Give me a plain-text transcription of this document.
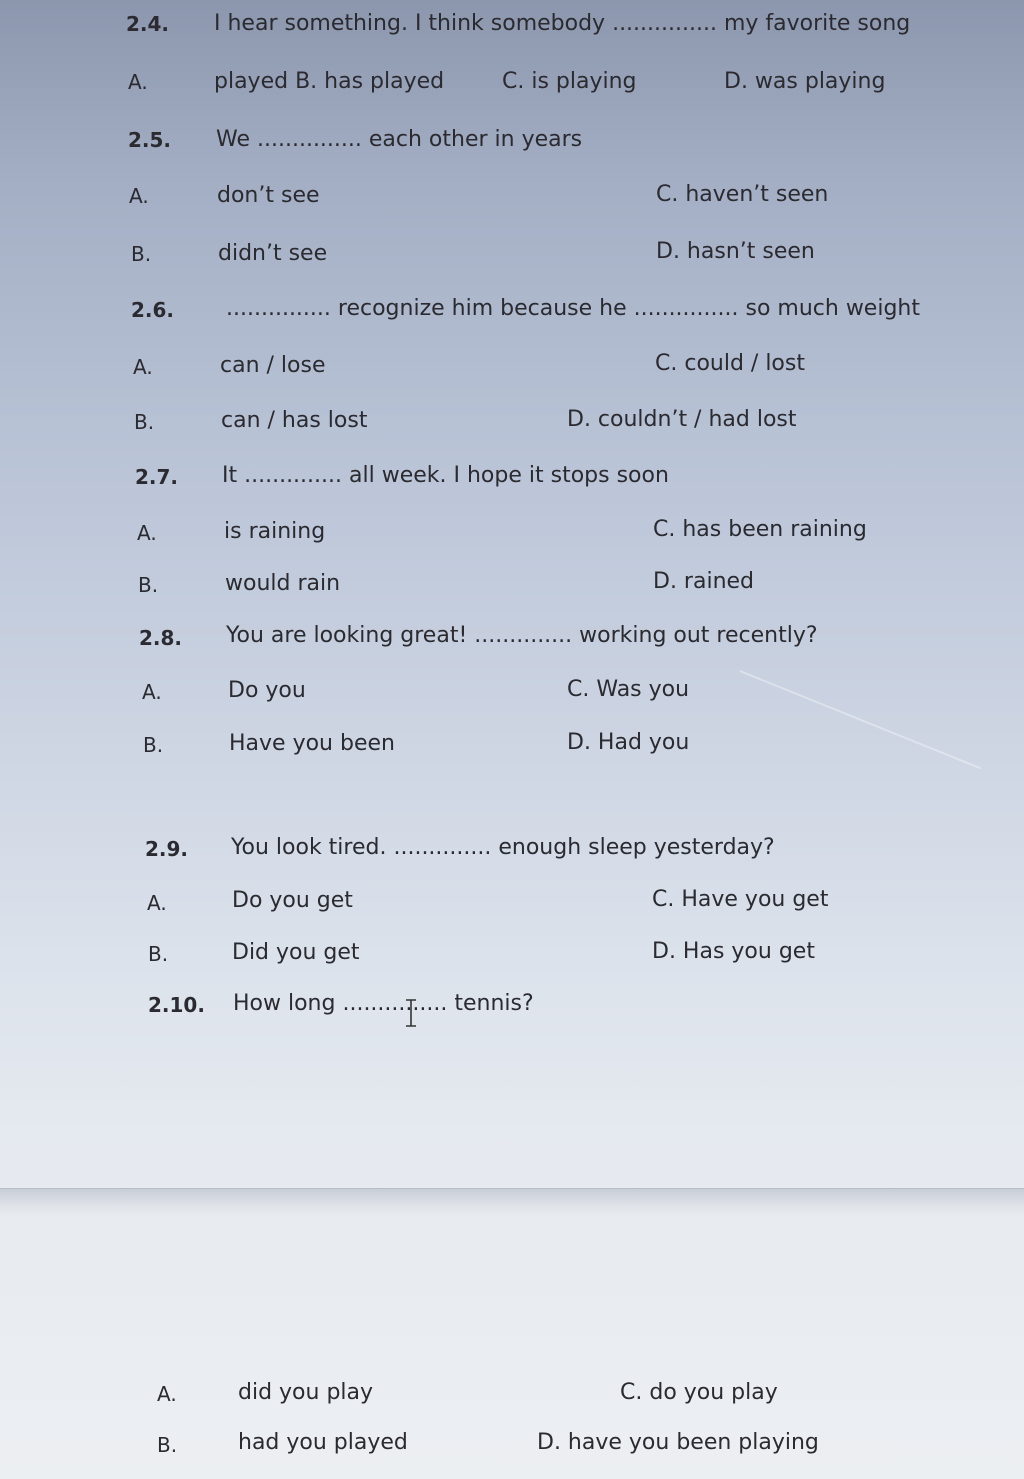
2.4. I hear something. I think somebody ............... my favorite song
A.	played B. has played	C. is playing	D. was playing
2.5. We ............... each other in years
A.	don’t see	C. haven’t seen
B.	didn’t see	D. hasn’t seen
2.6. ............... recognize him because he ............... so much weight
A.	can / lose	C. could / lost
B.	can / has lost	D. couldn’t / had lost
2.7. It .............. all week. I hope it stops soon
A.	is raining	C. has been raining
B.	would rain	D. rained
2.8. You are looking great! .............. working out recently?
A.	Do you	C. Was you
B.	Have you been	D. Had you
2.9. You look tired. .............. enough sleep yesterday?
A.	Do you get	C. Have you get
B.	Did you get	D. Has you get
2.10. How long ............... tennis?
A.	did you play	C. do you play
B.	had you played	D. have you been playing
